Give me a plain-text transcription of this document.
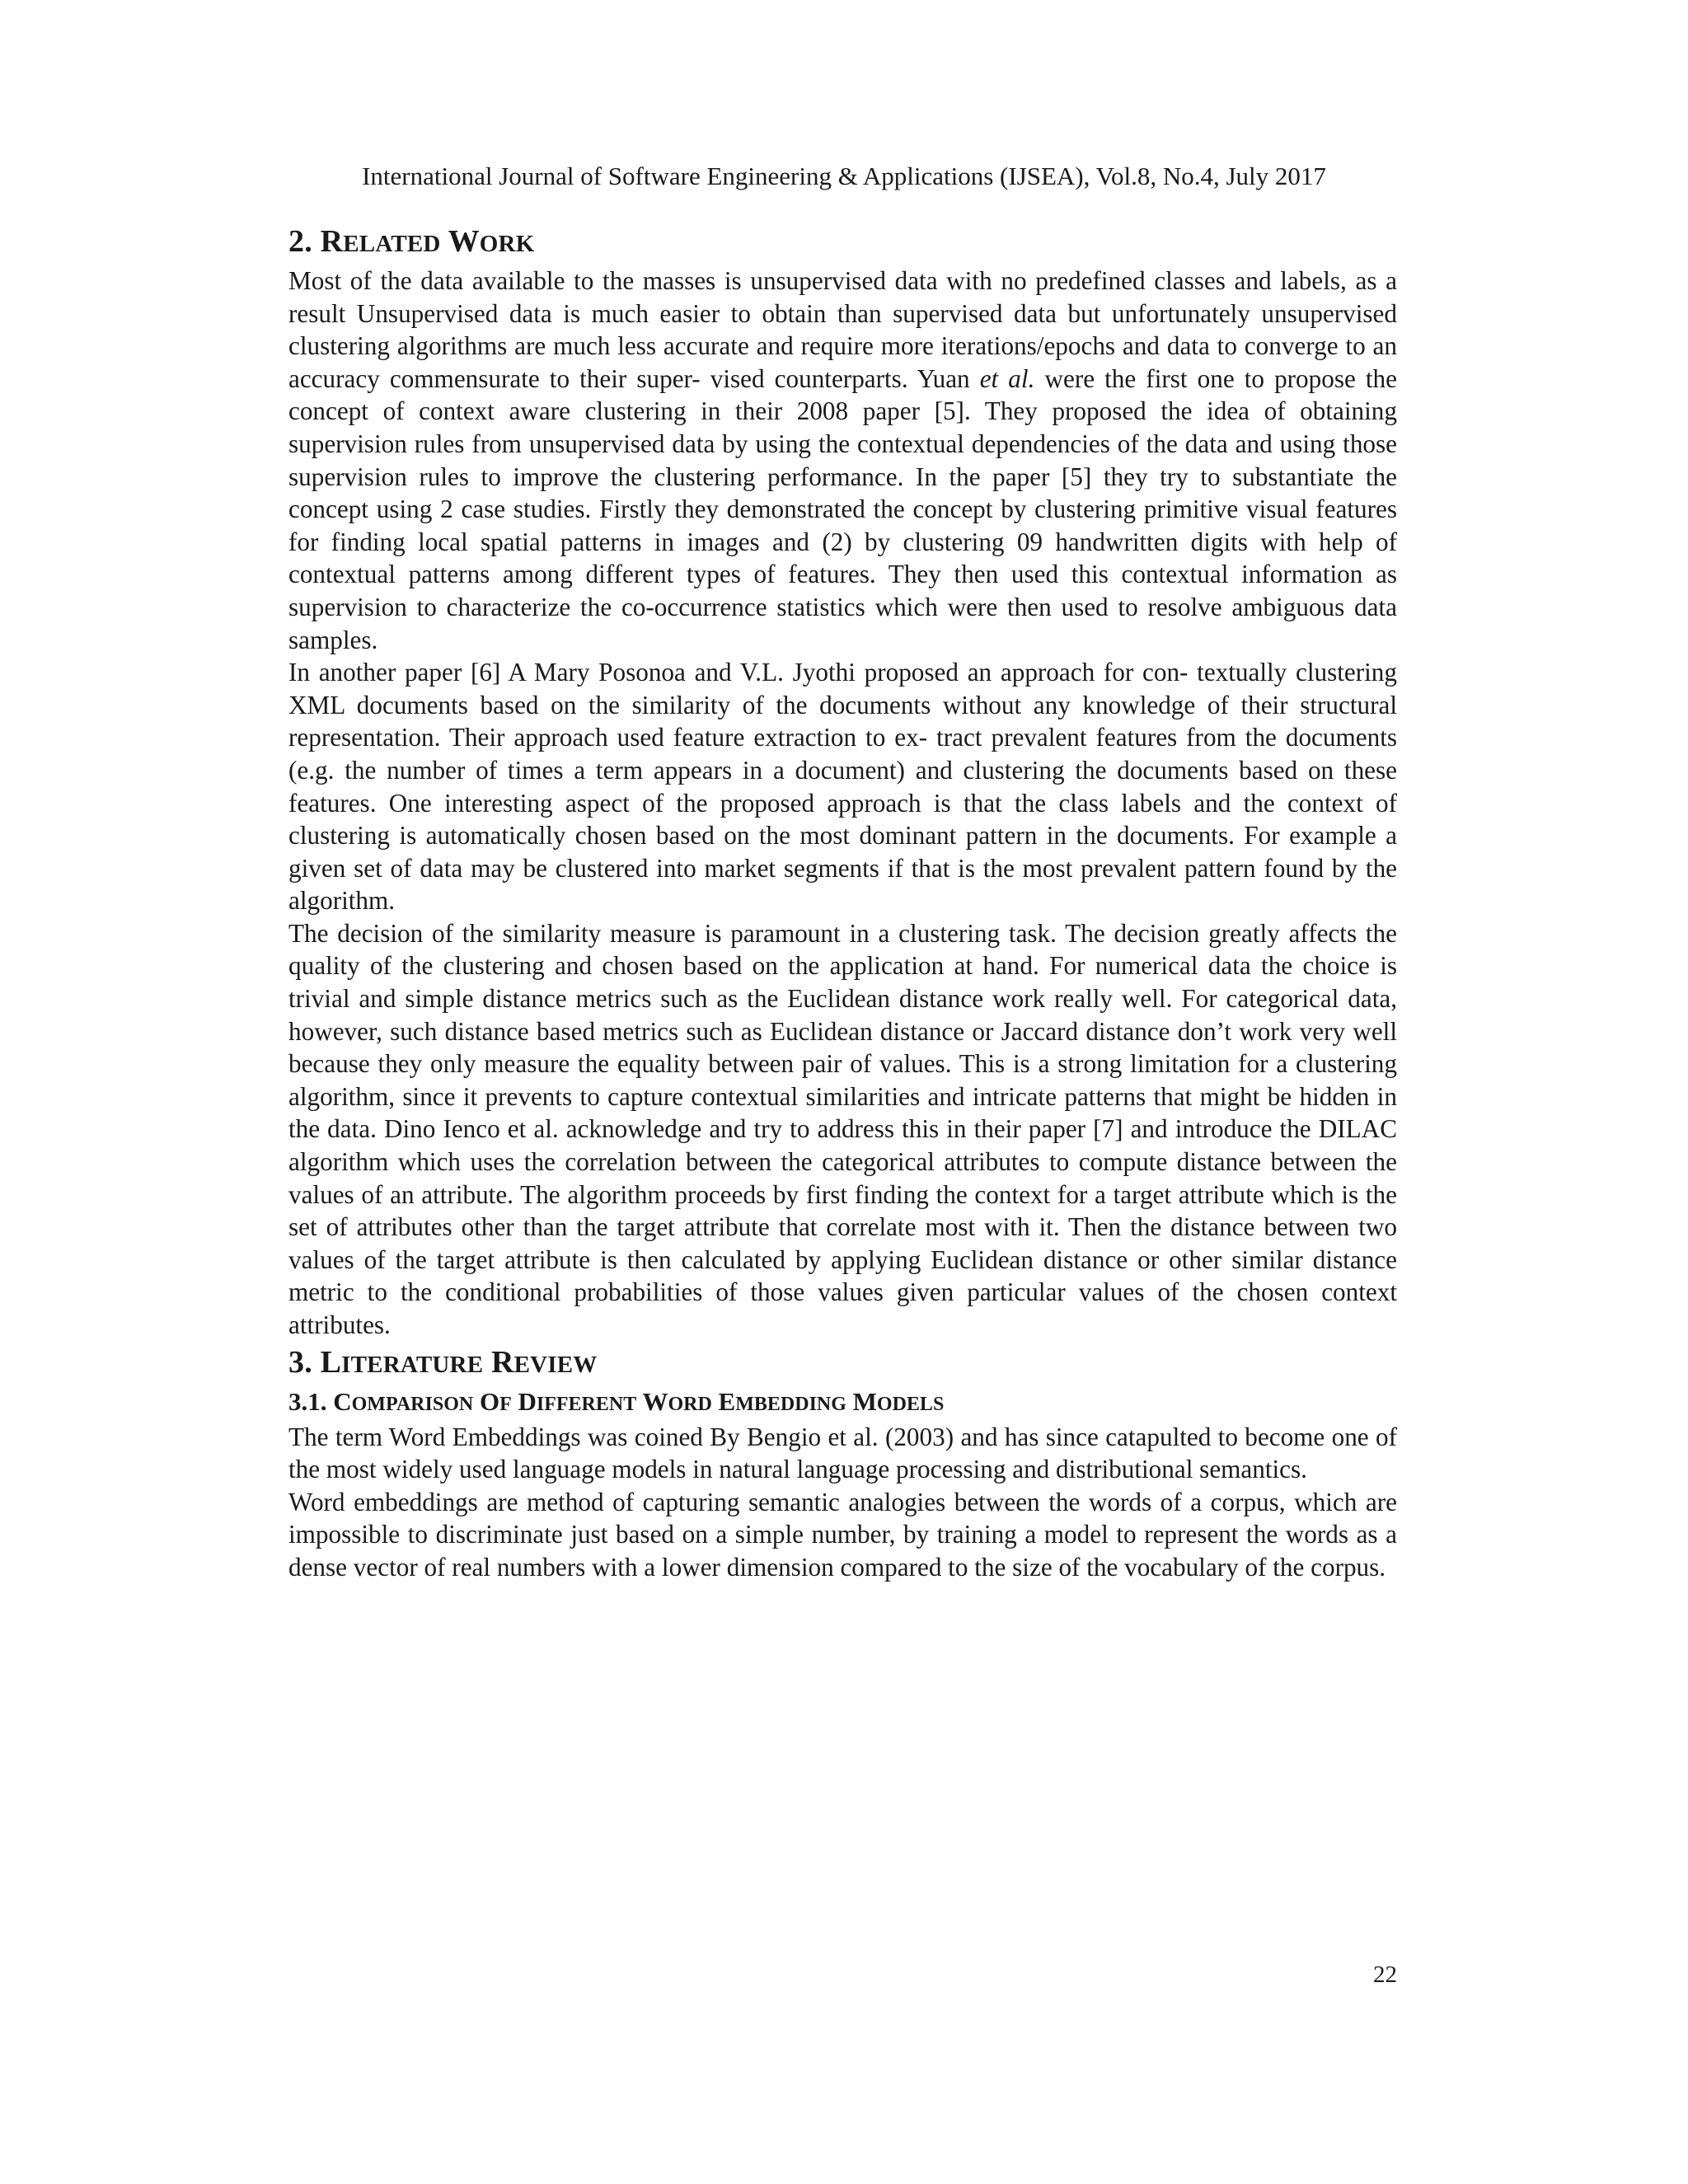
International Journal of Software Engineering & Applications (IJSEA), Vol.8, No.4, July 2017
2. RELATED WORK

Most of the data available to the masses is unsupervised data with no predefined classes and labels, as a result Unsupervised data is much easier to obtain than supervised data but unfortunately unsupervised clustering algorithms are much less accurate and require more iterations/epochs and data to converge to an accuracy commensurate to their super- vised counterparts. Yuan et al. were the first one to propose the concept of context aware clustering in their 2008 paper [5]. They proposed the idea of obtaining supervision rules from unsupervised data by using the contextual dependencies of the data and using those supervision rules to improve the clustering performance. In the paper [5] they try to substantiate the concept using 2 case studies. Firstly they demonstrated the concept by clustering primitive visual features for finding local spatial patterns in images and (2) by clustering 09 handwritten digits with help of contextual patterns among different types of features. They then used this contextual information as supervision to characterize the co-occurrence statistics which were then used to resolve ambiguous data samples.

In another paper [6] A Mary Posonoa and V.L. Jyothi proposed an approach for con- textually clustering XML documents based on the similarity of the documents without any knowledge of their structural representation. Their approach used feature extraction to ex- tract prevalent features from the documents (e.g. the number of times a term appears in a document) and clustering the documents based on these features. One interesting aspect of the proposed approach is that the class labels and the context of clustering is automatically chosen based on the most dominant pattern in the documents. For example a given set of data may be clustered into market segments if that is the most prevalent pattern found by the algorithm.

The decision of the similarity measure is paramount in a clustering task. The decision greatly affects the quality of the clustering and chosen based on the application at hand. For numerical data the choice is trivial and simple distance metrics such as the Euclidean distance work really well. For categorical data, however, such distance based metrics such as Euclidean distance or Jaccard distance don’t work very well because they only measure the equality between pair of values. This is a strong limitation for a clustering algorithm, since it prevents to capture contextual similarities and intricate patterns that might be hidden in the data. Dino Ienco et al. acknowledge and try to address this in their paper [7] and introduce the DILAC algorithm which uses the correlation between the categorical attributes to compute distance between the values of an attribute. The algorithm proceeds by first finding the context for a target attribute which is the set of attributes other than the target attribute that correlate most with it. Then the distance between two values of the target attribute is then calculated by applying Euclidean distance or other similar distance metric to the conditional probabilities of those values given particular values of the chosen context attributes.

3. LITERATURE REVIEW
3.1. COMPARISON OF DIFFERENT WORD EMBEDDING MODELS

The term Word Embeddings was coined By Bengio et al. (2003) and has since catapulted to become one of the most widely used language models in natural language processing and distributional semantics.

Word embeddings are method of capturing semantic analogies between the words of a corpus, which are impossible to discriminate just based on a simple number, by training a model to represent the words as a dense vector of real numbers with a lower dimension compared to the size of the vocabulary of the corpus.

22
